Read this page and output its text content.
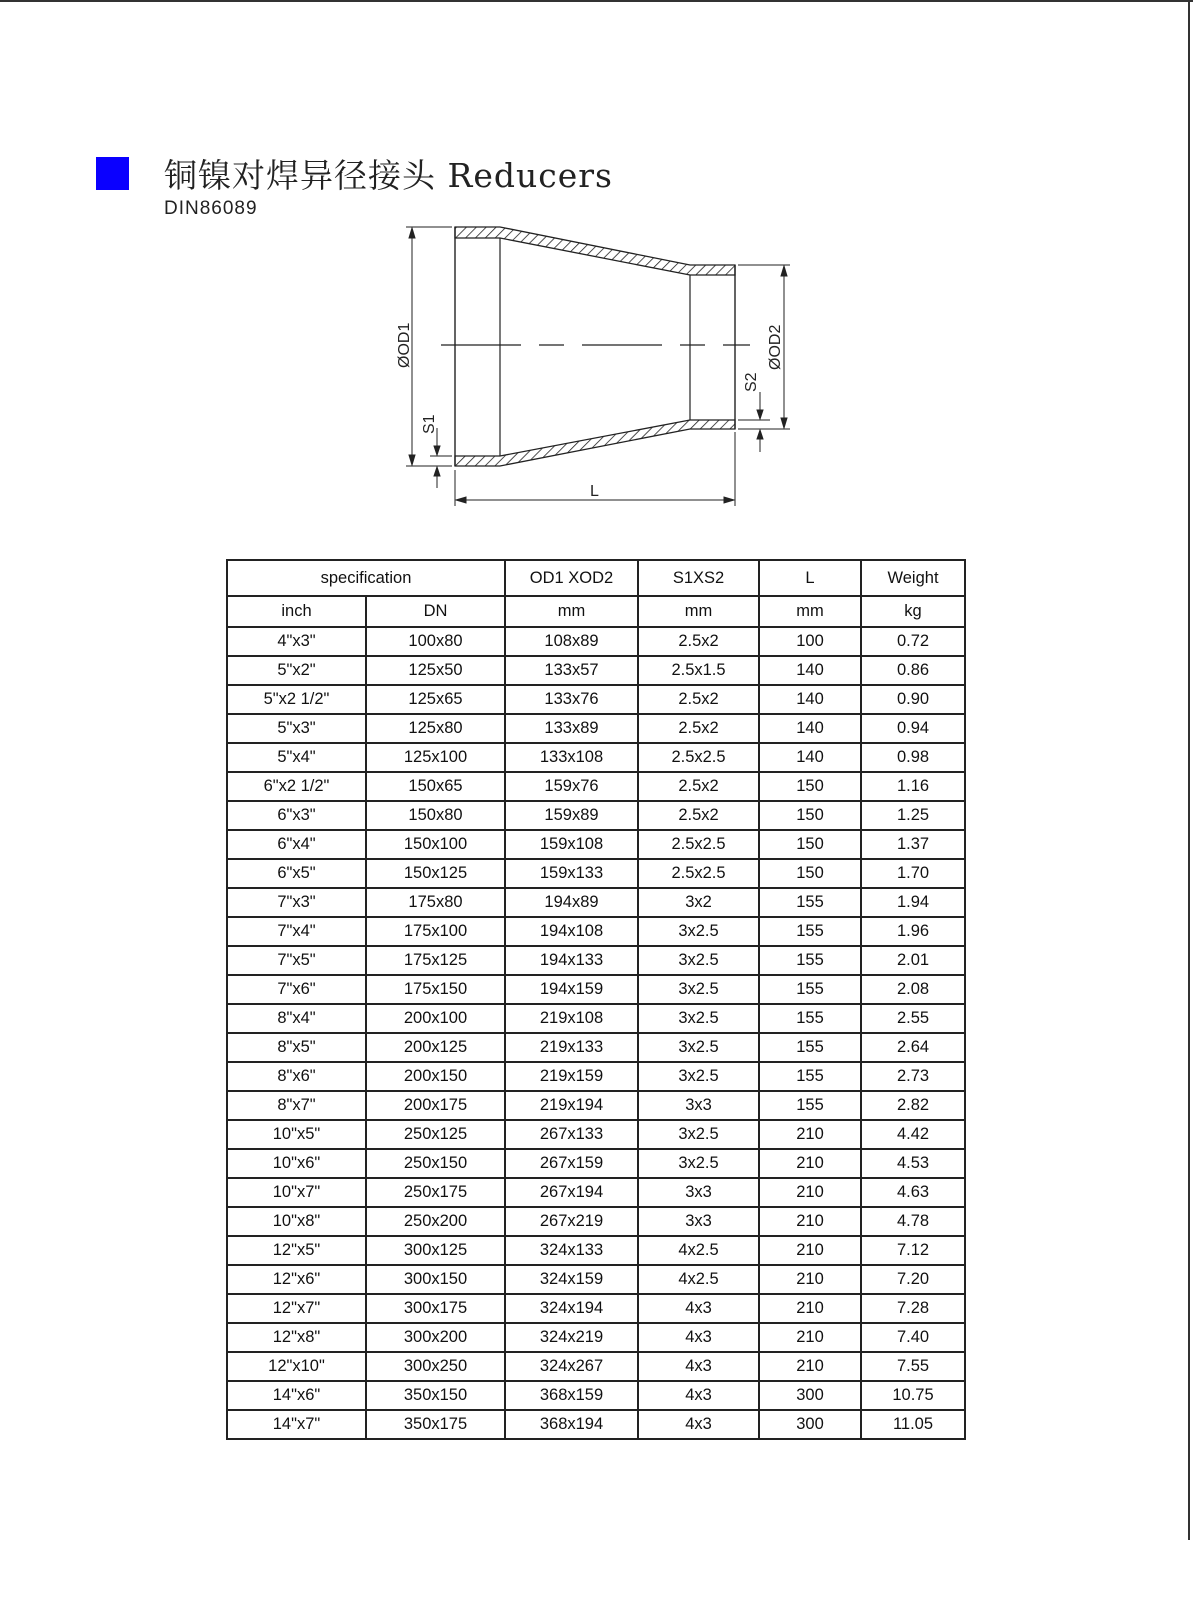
铜镍对焊异径接头 Reducers
DIN86089
ØOD1
S1
ØOD2
S2
L
specification		OD1 XOD2	S1XS2	L	Weight
inch	DN	mm	mm	mm	kg
4"x3"	100x80	108x89	2.5x2	100	0.72
5"x2"	125x50	133x57	2.5x1.5	140	0.86
5"x2 1/2"	125x65	133x76	2.5x2	140	0.90
5"x3"	125x80	133x89	2.5x2	140	0.94
5"x4"	125x100	133x108	2.5x2.5	140	0.98
6"x2 1/2"	150x65	159x76	2.5x2	150	1.16
6"x3"	150x80	159x89	2.5x2	150	1.25
6"x4"	150x100	159x108	2.5x2.5	150	1.37
6"x5"	150x125	159x133	2.5x2.5	150	1.70
7"x3"	175x80	194x89	3x2	155	1.94
7"x4"	175x100	194x108	3x2.5	155	1.96
7"x5"	175x125	194x133	3x2.5	155	2.01
7"x6"	175x150	194x159	3x2.5	155	2.08
8"x4"	200x100	219x108	3x2.5	155	2.55
8"x5"	200x125	219x133	3x2.5	155	2.64
8"x6"	200x150	219x159	3x2.5	155	2.73
8"x7"	200x175	219x194	3x3	155	2.82
10"x5"	250x125	267x133	3x2.5	210	4.42
10"x6"	250x150	267x159	3x2.5	210	4.53
10"x7"	250x175	267x194	3x3	210	4.63
10"x8"	250x200	267x219	3x3	210	4.78
12"x5"	300x125	324x133	4x2.5	210	7.12
12"x6"	300x150	324x159	4x2.5	210	7.20
12"x7"	300x175	324x194	4x3	210	7.28
12"x8"	300x200	324x219	4x3	210	7.40
12"x10"	300x250	324x267	4x3	210	7.55
14"x6"	350x150	368x159	4x3	300	10.75
14"x7"	350x175	368x194	4x3	300	11.05
